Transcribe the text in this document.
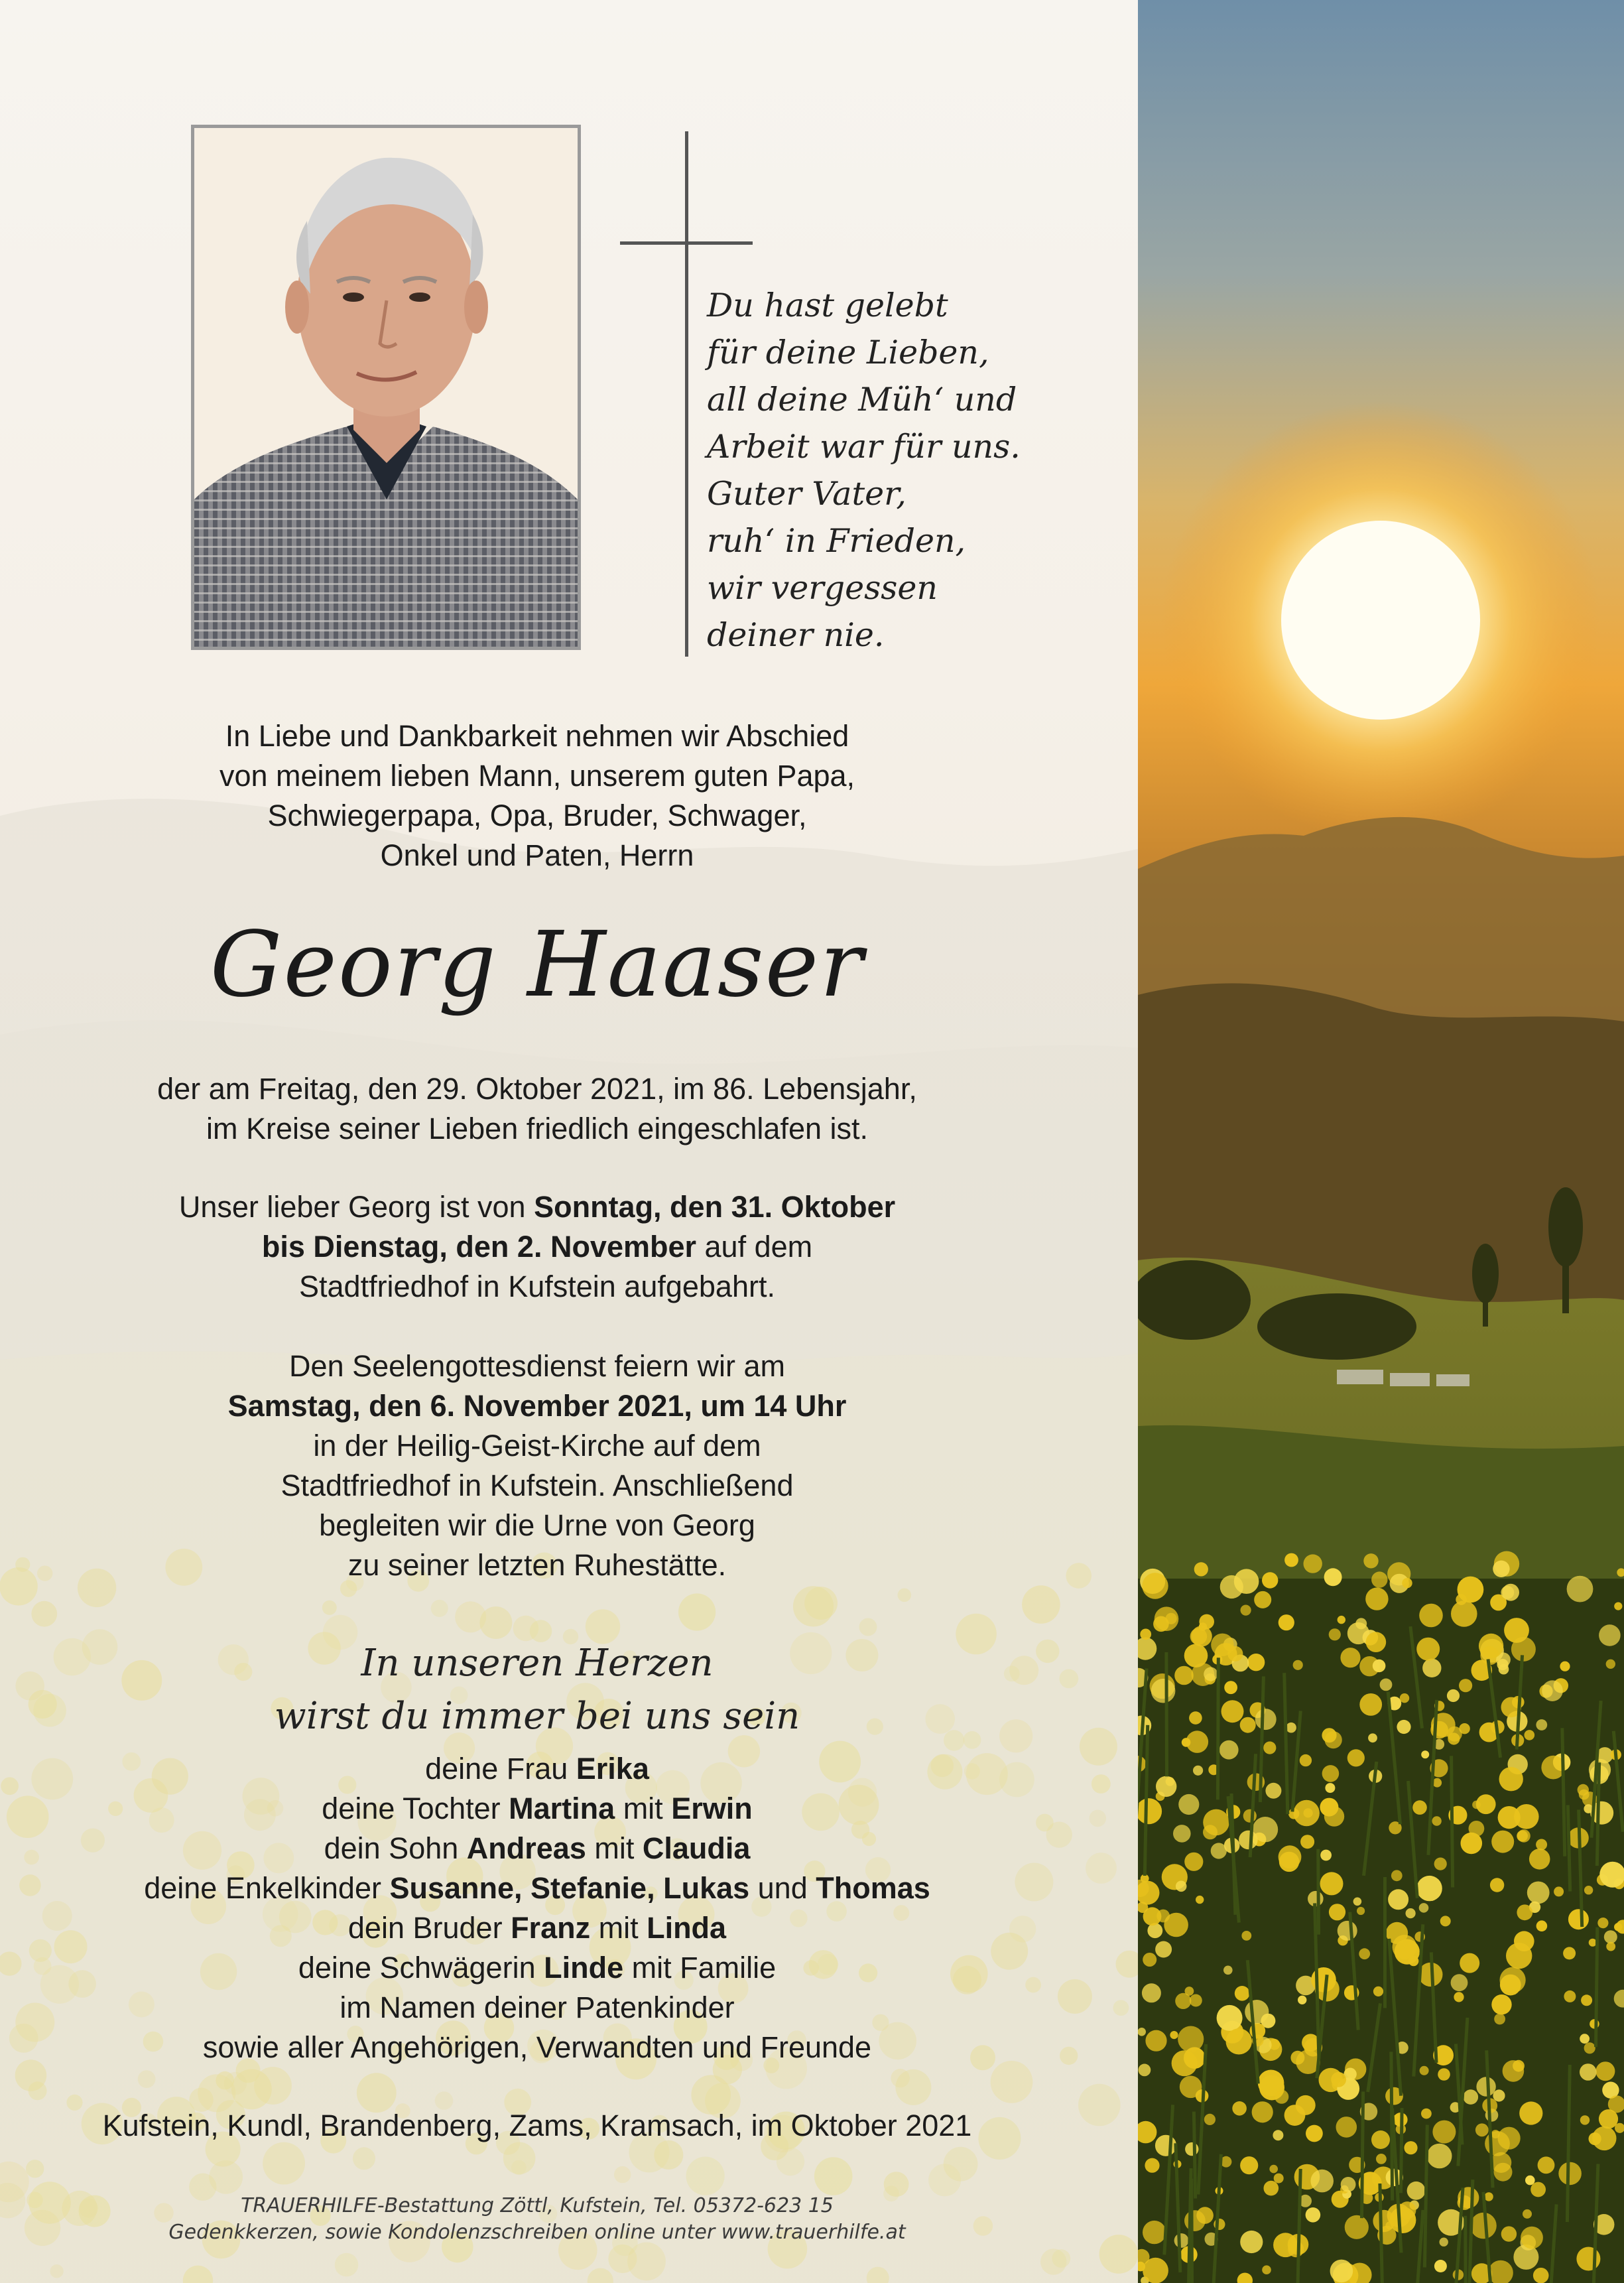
Du hast gelebt
für deine Lieben,
all deine Müh‘ und
Arbeit war für uns.
Guter Vater,
ruh‘ in Frieden,
wir vergessen
deiner nie.
In Liebe und Dankbarkeit nehmen wir Abschied
von meinem lieben Mann, unserem guten Papa,
Schwiegerpapa, Opa, Bruder, Schwager,
Onkel und Paten, Herrn
Georg Haaser
der am Freitag, den 29. Oktober 2021, im 86. Lebensjahr,
im Kreise seiner Lieben friedlich eingeschlafen ist.
Unser lieber Georg ist von Sonntag, den 31. Oktober
bis Dienstag, den 2. November auf dem
Stadtfriedhof in Kufstein aufgebahrt.
Den Seelengottesdienst feiern wir am
Samstag, den 6. November 2021, um 14 Uhr
in der Heilig-Geist-Kirche auf dem
Stadtfriedhof in Kufstein. Anschließend
begleiten wir die Urne von Georg
zu seiner letzten Ruhestätte.
In unseren Herzen
wirst du immer bei uns sein
deine Frau Erika
deine Tochter Martina mit Erwin
dein Sohn Andreas mit Claudia
deine Enkelkinder Susanne, Stefanie, Lukas und Thomas
dein Bruder Franz mit Linda
deine Schwägerin Linde mit Familie
im Namen deiner Patenkinder
sowie aller Angehörigen, Verwandten und Freunde
Kufstein, Kundl, Brandenberg, Zams, Kramsach, im Oktober 2021
TRAUERHILFE-Bestattung Zöttl, Kufstein, Tel. 05372-623 15
Gedenkkerzen, sowie Kondolenzschreiben online unter www.trauerhilfe.at
